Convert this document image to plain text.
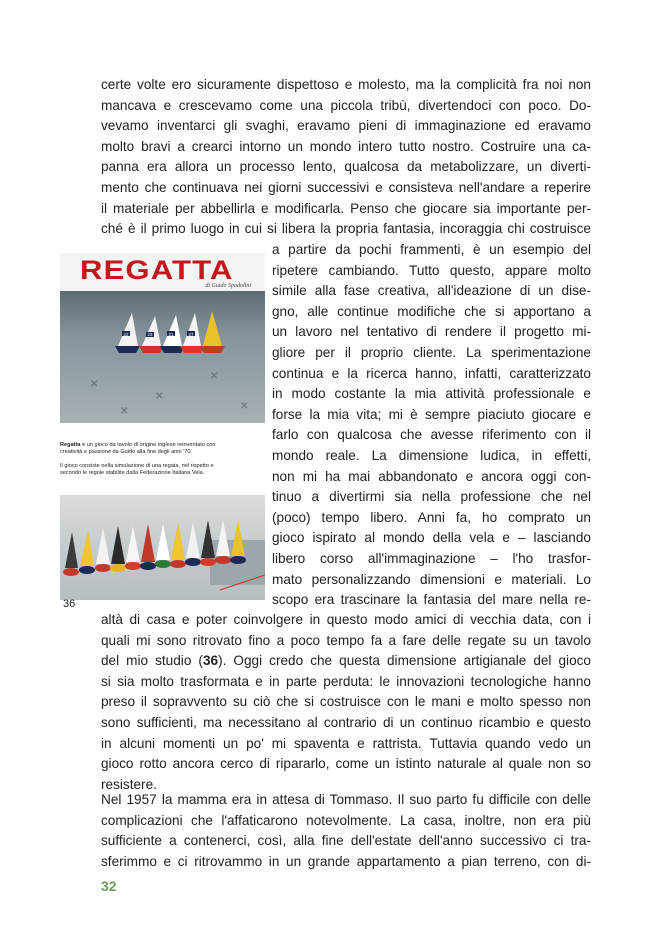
certe volte ero sicuramente dispettoso e molesto, ma la complicità fra noi non
mancava e crescevamo come una piccola tribù, divertendoci con poco. Do-
vevamo inventarci gli svaghi, eravamo pieni di immaginazione ed eravamo
molto bravi a crearci intorno un mondo intero tutto nostro. Costruire una ca-
panna era allora un processo lento, qualcosa da metabolizzare, un diverti-
mento che continuava nei giorni successivi e consisteva nell'andare a reperire
il materiale per abbellirla e modificarla. Penso che giocare sia importante per-
ché è il primo luogo in cui si libera la propria fantasia, incoraggia chi costruisce
a partire da pochi frammenti, è un esempio del
ripetere cambiando. Tutto questo, appare molto
simile alla fase creativa, all'ideazione di un dise-
gno, alle continue modifiche che si apportano a
un lavoro nel tentativo di rendere il progetto mi-
gliore per il proprio cliente. La sperimentazione
continua e la ricerca hanno, infatti, caratterizzato
in modo costante la mia attività professionale e
forse la mia vita; mi è sempre piaciuto giocare e
farlo con qualcosa che avesse riferimento con il
mondo reale. La dimensione ludica, in effetti,
non mi ha mai abbandonato e ancora oggi con-
tinuo a divertirmi sia nella professione che nel
(poco) tempo libero. Anni fa, ho comprato un
gioco ispirato al mondo della vela e – lasciando
libero corso all'immaginazione – l'ho trasfor-
mato personalizzando dimensioni e materiali. Lo
scopo era trascinare la fantasia del mare nella re-
REGATTA
di Guido Spadolini
✕
✕
✕
✕
✕
22	23	21	27
Regatta è un gioco da tavolo di origine inglese reinventato con
creatività e passione da Guido alla fine degli anni '70.
Il gioco consiste nella simulazione di una regata, nel rispetto e
secondo le regole stabilite dalla Federazione Italiana Vela.
36
altà di casa e poter coinvolgere in questo modo amici di vecchia data, con i
quali mi sono ritrovato fino a poco tempo fa a fare delle regate su un tavolo
del mio studio (36). Oggi credo che questa dimensione artigianale del gioco
si sia molto trasformata e in parte perduta: le innovazioni tecnologiche hanno
preso il sopravvento su ciò che si costruisce con le mani e molto spesso non
sono sufficienti, ma necessitano al contrario di un continuo ricambio e questo
in alcuni momenti un po' mi spaventa e rattrista. Tuttavia quando vedo un
gioco rotto ancora cerco di ripararlo, come un istinto naturale al quale non so
resistere.
Nel 1957 la mamma era in attesa di Tommaso. Il suo parto fu difficile con delle
complicazioni che l'affaticarono notevolmente. La casa, inoltre, non era più
sufficiente a contenerci, così, alla fine dell'estate dell'anno successivo ci tra-
sferimmo e ci ritrovammo in un grande appartamento a pian terreno, con di-
32
